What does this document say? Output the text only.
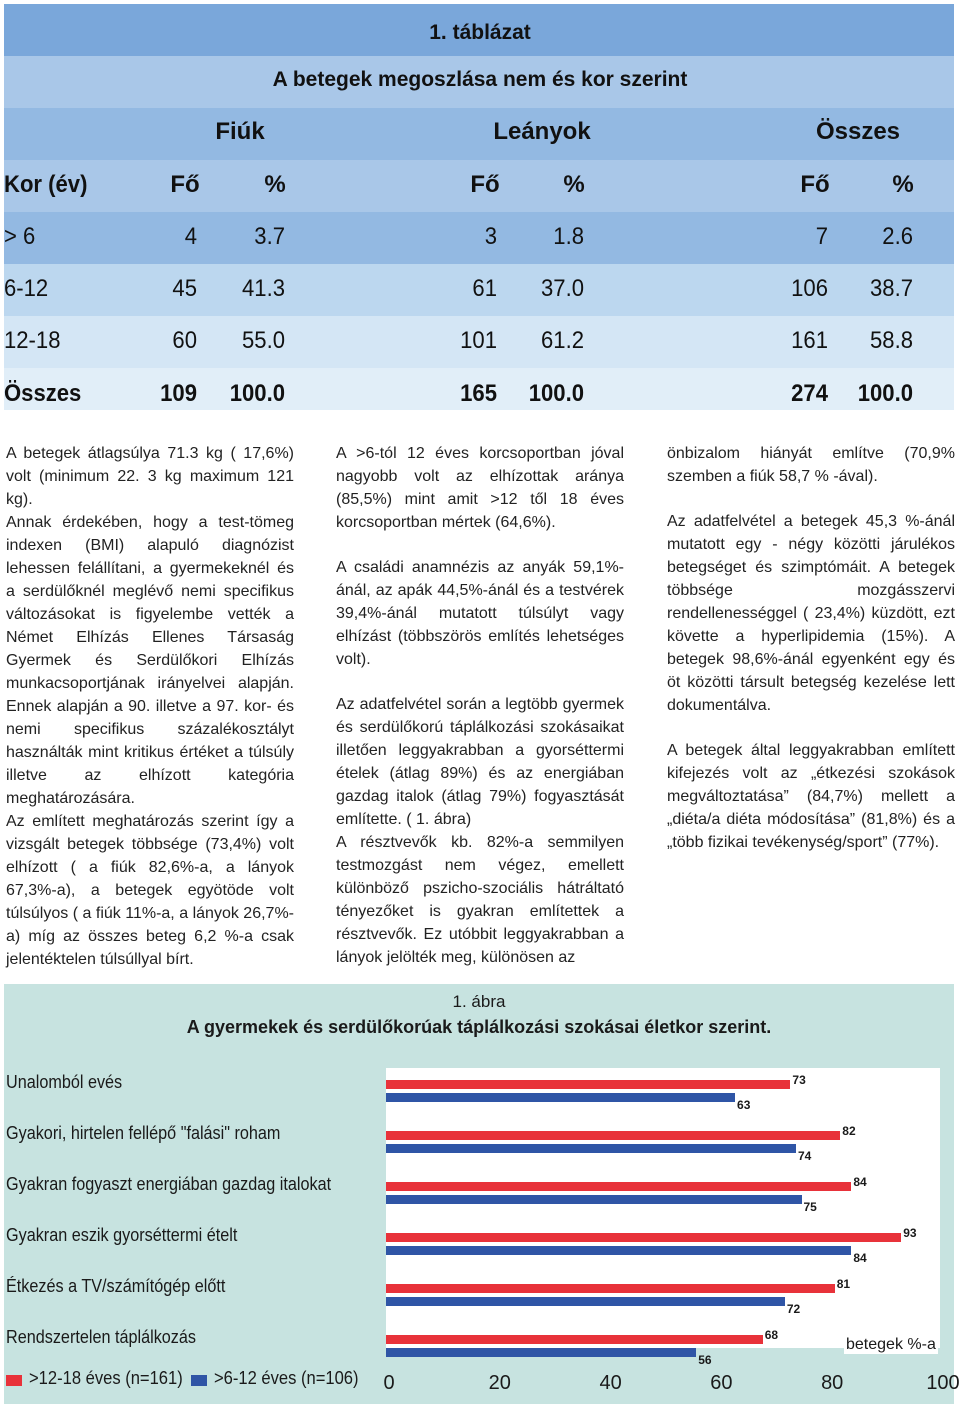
1. táblázat
A betegek megoszlása nem és kor szerint
Fiúk	Leányok	Összes
Kor (év)	Fő	%	Fő	%	Fő	%
> 6	4 3.7	3 1.8	7 2.6
6-12	45 41.3	61 37.0	106 38.7
12-18	60 55.0	101 61.2	161 58.8
Összes	109 100.0	165 100.0	274 100.0

A betegek átlagsúlya 71.3 kg ( 17,6%) volt (minimum 22. 3 kg maximum 121 kg).

Annak érdekében, hogy a test-tömeg indexen (BMI) alapuló diagnózist lehessen felállítani, a gyermekeknél és a serdülőknél meglévő nemi specifikus változásokat is figyelembe vették a Német Elhízás Ellenes Társaság Gyermek és Serdülőkori Elhízás munkacsoportjának irányelvei alapján. Ennek alapján a 90. illetve a 97. kor- és nemi specifikus százalékosztályt használták mint kritikus értéket a túlsúly illetve az elhízott kategória meghatározására.

Az említett meghatározás szerint így a vizsgált betegek többsége (73,4%) volt elhízott ( a fiúk 82,6%-a, a lányok 67,3%-a), a betegek egyötöde volt túlsúlyos ( a fiúk 11%-a, a lányok 26,7%-a) míg az összes beteg 6,2 %-a csak jelentéktelen túlsúllyal bírt.

A >6-tól 12 éves korcsoportban jóval nagyobb volt az elhízottak aránya (85,5%) mint amit >12 től 18 éves korcsoportban mértek (64,6%).

A családi anamnézis az anyák 59,1%-ánál, az apák 44,5%-ánál és a testvérek 39,4%-ánál mutatott túlsúlyt vagy elhízást (többszörös említés lehetséges volt).

Az adatfelvétel során a legtöbb gyermek és serdülőkorú táplálkozási szokásaikat illetően leggyakrabban a gyorséttermi ételek (átlag 89%) és az energiában gazdag italok (átlag 79%) fogyasztását említette. ( 1. ábra)

A résztvevők kb. 82%-a semmilyen testmozgást nem végez, emellett különböző pszicho-szociális hátráltató tényezőket is gyakran említettek a résztvevők. Ez utóbbit leggyakrabban a lányok jelölték meg, különösen az

önbizalom hiányát említve (70,9% szemben a fiúk 58,7 % -ával).

Az adatfelvétel a betegek 45,3 %-ánál mutatott egy - négy közötti járulékos betegséget és szimptómáit. A betegek többsége mozgásszervi rendellenességgel ( 23,4%) küzdött, ezt követte a hyperlipidemia (15%). A betegek 98,6%-ánál egyenként egy és öt közötti társult betegség kezelése lett dokumentálva.

A betegek által leggyakrabban említett kifejezés volt az „étkezési szokások megváltoztatása” (84,7%) mellett a „diéta/a diéta módosítása” (81,8%) és a „több fizikai tevékenység/sport” (77%).

1. ábra
A gyermekek és serdülőkorúak táplálkozási szokásai életkor szerint.
Unalomból evés
Gyakori, hirtelen fellépő "falási" roham
Gyakran fogyaszt energiában gazdag italokat
Gyakran eszik gyorséttermi ételt
Étkezés a TV/számítógép előtt
Rendszertelen táplálkozás
73
63
82
74
84
75
93
84
81
72
68
56
0	20	40	60	80	100
betegek %-a
>12-18 éves (n=161) >6-12 éves (n=106)
